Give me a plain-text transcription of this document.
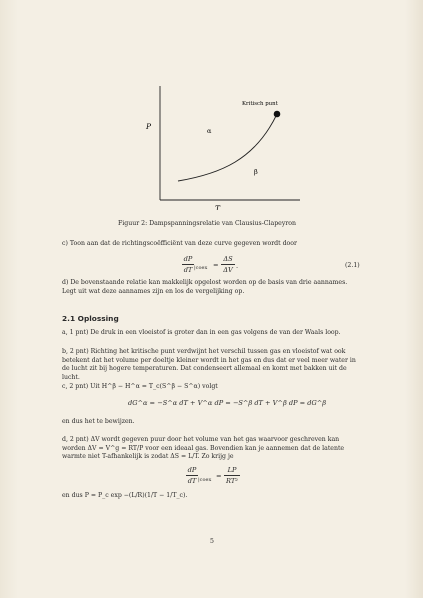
Kritisch punt
P
T
α
β
Figuur 2: Dampspanningsrelatie van Clausius-Clapeyron
c) Toon aan dat de richtingscoëfficiënt van deze curve gegeven wordt door
dP
dT |coex =
ΔS
ΔV .	(2.1)
d) De bovenstaande relatie kan makkelijk opgelost worden op de basis van drie aannames.
Legt uit wat deze aannames zijn en los de vergelijking op.
2.1 Oplossing
a, 1 pnt) De druk in een vloeistof is groter dan in een gas volgens de van der Waals loop.
b, 2 pnt) Richting het kritische punt verdwijnt het verschil tussen gas en vloeistof wat ook betekent dat het volume per doeltje kleiner wordt in het gas en dus dat er veel meer water in de lucht zit bij hogere temperaturen. Dat condenseert allemaal en komt met bakken uit de lucht.
c, 2 pnt) Uit H^β − H^α = T_c(S^β − S^α) volgt
dG^α = −S^α dT + V^α dP = −S^β dT + V^β dP = dG^β
en dus het te bewijzen.
d, 2 pnt) ΔV wordt gegeven puur door het volume van het gas waarvoor geschreven kan worden ΔV = V^g = RT/P voor een ideaal gas. Bovendien kan je aannemen dat de latente warmte niet T-afhankelijk is zodat ΔS = L/T. Zo krijg je
dP
dT |coex =
LP
RT²
en dus P = P_c exp −(L/R)(1/T − 1/T_c).
5
